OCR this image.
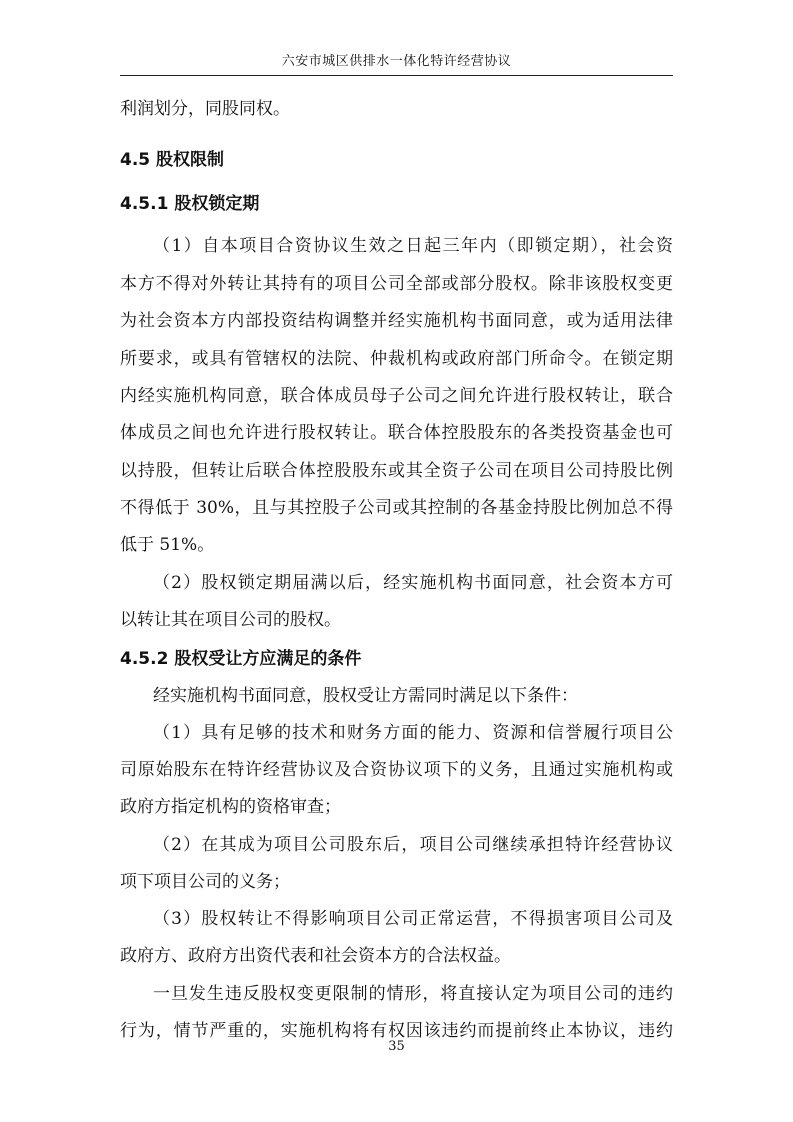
六安市城区供排水一体化特许经营协议
利润划分，同股同权。
4.5 股权限制
4.5.1 股权锁定期
（1）自本项目合资协议生效之日起三年内（即锁定期），社会资
本方不得对外转让其持有的项目公司全部或部分股权。除非该股权变更
为社会资本方内部投资结构调整并经实施机构书面同意，或为适用法律
所要求，或具有管辖权的法院、仲裁机构或政府部门所命令。在锁定期
内经实施机构同意，联合体成员母子公司之间允许进行股权转让，联合
体成员之间也允许进行股权转让。联合体控股股东的各类投资基金也可
以持股，但转让后联合体控股股东或其全资子公司在项目公司持股比例
不得低于 30%，且与其控股子公司或其控制的各基金持股比例加总不得
低于 51%。
（2）股权锁定期届满以后，经实施机构书面同意，社会资本方可
以转让其在项目公司的股权。
4.5.2 股权受让方应满足的条件
经实施机构书面同意，股权受让方需同时满足以下条件：
（1）具有足够的技术和财务方面的能力、资源和信誉履行项目公
司原始股东在特许经营协议及合资协议项下的义务，且通过实施机构或
政府方指定机构的资格审查；
（2）在其成为项目公司股东后，项目公司继续承担特许经营协议
项下项目公司的义务；
（3）股权转让不得影响项目公司正常运营，不得损害项目公司及
政府方、政府方出资代表和社会资本方的合法权益。
一旦发生违反股权变更限制的情形，将直接认定为项目公司的违约
行为，情节严重的，实施机构将有权因该违约而提前终止本协议，违约
35
